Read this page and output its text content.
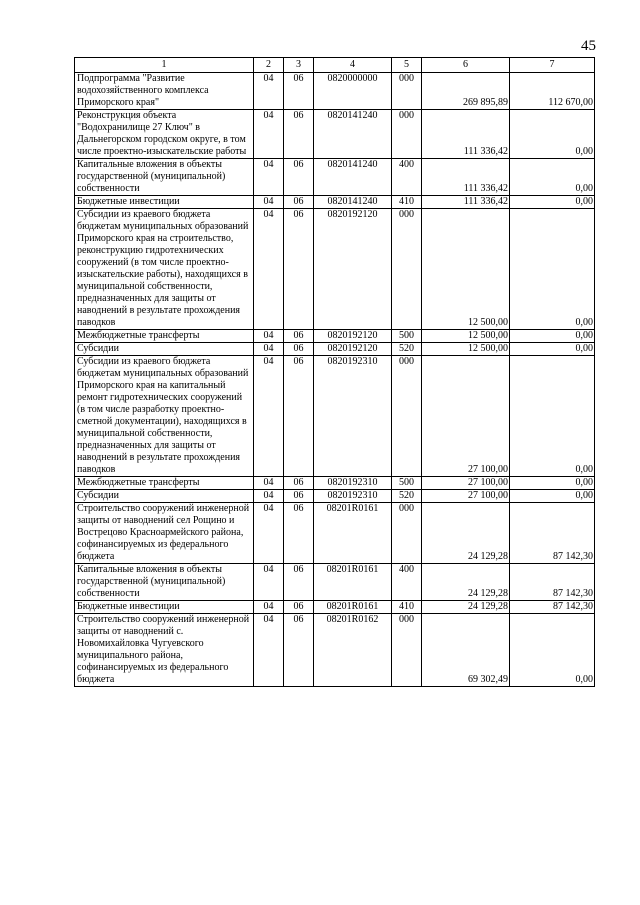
45
1	2	3	4	5	6	7
Подпрограмма "Развитие водохозяйственного комплекса Приморского края"	04	06	0820000000	000	269 895,89	112 670,00
Реконструкция объекта "Водохранилище 27 Ключ" в Дальнегорском городском округе, в том числе проектно-изыскательские работы	04	06	0820141240	000	111 336,42	0,00
Капитальные вложения в объекты государственной (муниципальной) собственности	04	06	0820141240	400	111 336,42	0,00
Бюджетные инвестиции	04	06	0820141240	410	111 336,42	0,00
Субсидии из краевого бюджета бюджетам муниципальных образований Приморского края на строительство, реконструкцию гидротехнических сооружений (в том числе проектно-изыскательские работы), находящихся в муниципальной собственности, предназначенных для защиты от наводнений в результате прохождения паводков	04	06	0820192120	000	12 500,00	0,00
Межбюджетные трансферты	04	06	0820192120	500	12 500,00	0,00
Субсидии	04	06	0820192120	520	12 500,00	0,00
Субсидии из краевого бюджета бюджетам муниципальных образований Приморского края на капитальный ремонт гидротехнических сооружений (в том числе разработку проектно-сметной документации), находящихся в муниципальной собственности, предназначенных для защиты от наводнений в результате прохождения паводков	04	06	0820192310	000	27 100,00	0,00
Межбюджетные трансферты	04	06	0820192310	500	27 100,00	0,00
Субсидии	04	06	0820192310	520	27 100,00	0,00
Строительство сооружений инженерной защиты от наводнений сел Рощино и Вострецово Красноармейского района, софинансируемых из федерального бюджета	04	06	08201R0161	000	24 129,28	87 142,30
Капитальные вложения в объекты государственной (муниципальной) собственности	04	06	08201R0161	400	24 129,28	87 142,30
Бюджетные инвестиции	04	06	08201R0161	410	24 129,28	87 142,30
Строительство сооружений инженерной защиты от наводнений с. Новомихайловка Чугуевского муниципального района, софинансируемых из федерального бюджета	04	06	08201R0162	000	69 302,49	0,00
